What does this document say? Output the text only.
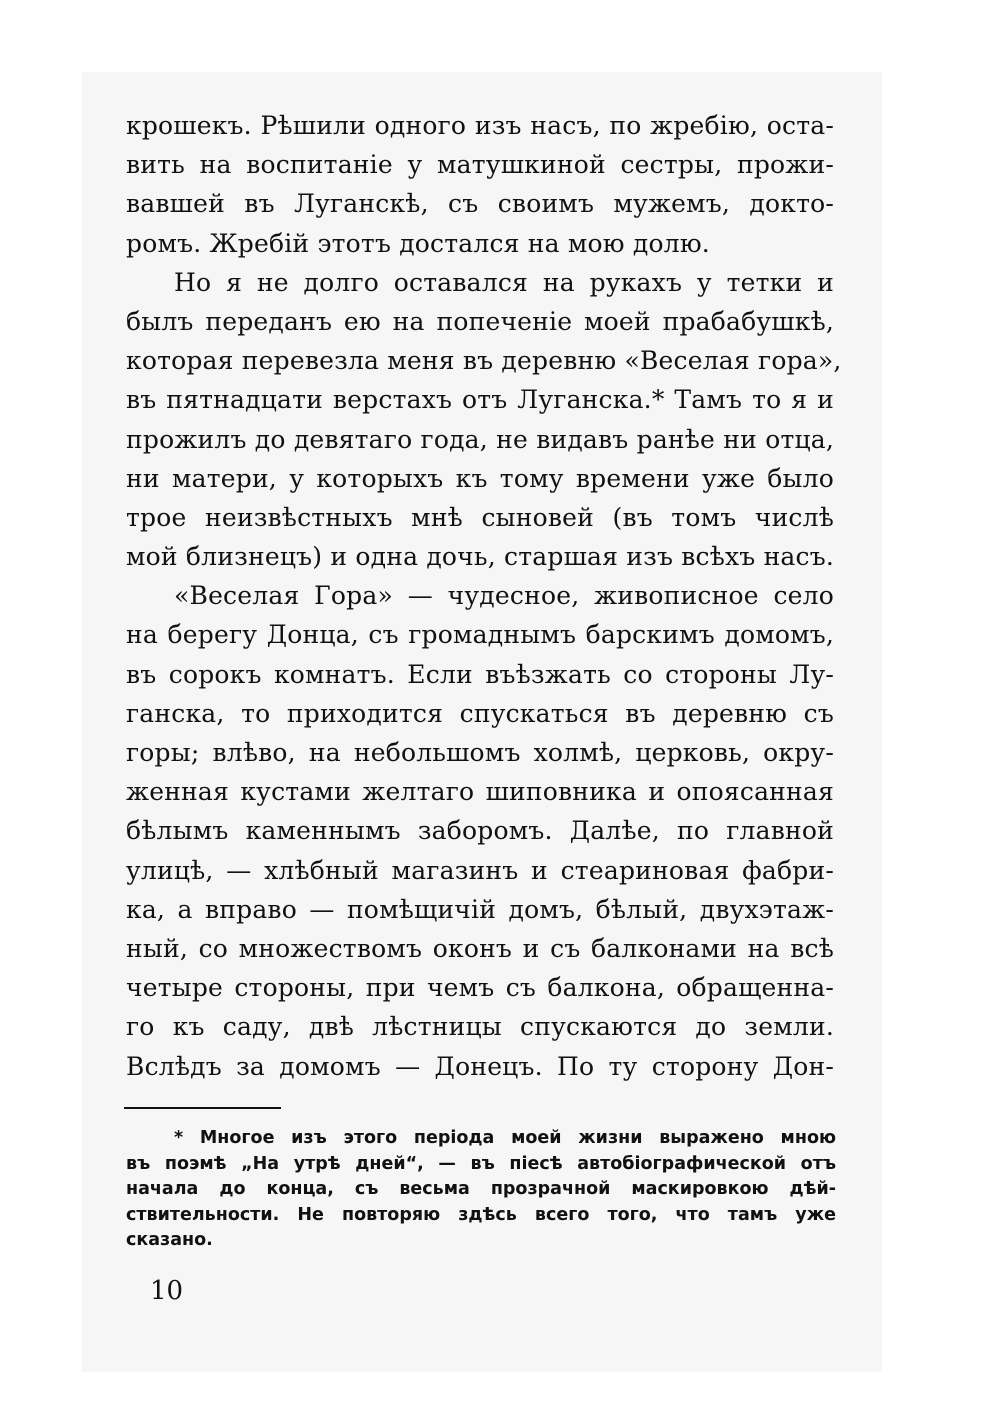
крошекъ. Рѣшили одного изъ насъ, по жребію, оста-
вить на воспитаніе у матушкиной сестры, прожи-
вавшей въ Луганскѣ, съ своимъ мужемъ, докто-
ромъ. Жребій этотъ достался на мою долю.
Но я не долго оставался на рукахъ у тетки и
былъ переданъ ею на попеченіе моей прабабушкѣ,
которая перевезла меня въ деревню «Веселая гора»,
въ пятнадцати верстахъ отъ Луганска.* Тамъ то я и
прожилъ до девятаго года, не видавъ ранѣе ни отца,
ни матери, у которыхъ къ тому времени уже было
трое неизвѣстныхъ мнѣ сыновей (въ томъ числѣ
мой близнецъ) и одна дочь, старшая изъ всѣхъ насъ.
«Веселая Гора» — чудесное, живописное село
на берегу Донца, съ громаднымъ барскимъ домомъ,
въ сорокъ комнатъ. Если въѣзжать со стороны Лу-
ганска, то приходится спускаться въ деревню съ
горы; влѣво, на небольшомъ холмѣ, церковь, окру-
женная кустами желтаго шиповника и опоясанная
бѣлымъ каменнымъ заборомъ. Далѣе, по главной
улицѣ, — хлѣбный магазинъ и стеариновая фабри-
ка, а вправо — помѣщичій домъ, бѣлый, двухэтаж-
ный, со множествомъ оконъ и съ балконами на всѣ
четыре стороны, при чемъ съ балкона, обращенна-
го къ саду, двѣ лѣстницы спускаются до земли.
Вслѣдъ за домомъ — Донецъ. По ту сторону Дон-
* Многое изъ этого періода моей жизни выражено мною
въ поэмѣ „На утрѣ дней“, — въ піесѣ автобіографической отъ
начала до конца, съ весьма прозрачной маскировкою дѣй-
ствительности. Не повторяю здѣсь всего того, что тамъ уже
сказано.
10
